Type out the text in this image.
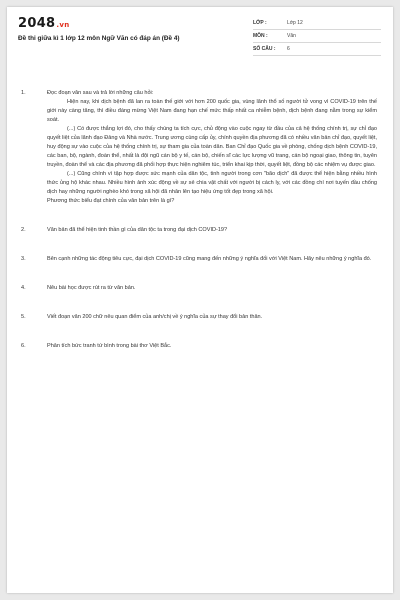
2048.vn
Đề thi giữa kì 1 lớp 12 môn Ngữ Văn có đáp án (Đề 4)
LỚP :	Lớp 12
MÔN :	Văn
SỐ CÂU :	6
1.	Đọc đoạn văn sau và trả lời những câu hỏi:

Hiện nay, khi dịch bệnh đã lan ra toàn thế giới với hơn 200 quốc gia, vùng lãnh thổ số người tử vong vì COVID-19 trên thế giới này càng tăng, thì điều đáng mừng Việt Nam đang hạn chế mức thấp nhất ca nhiễm bệnh, dịch bệnh đang nằm trong sự kiểm soát.

(...) Có được thắng lợi đó, cho thấy chúng ta tích cực, chủ động vào cuộc ngay từ đầu của cả hệ thống chính trị, sự chỉ đạo quyết liệt của lãnh đạo Đảng và Nhà nước. Trung ương cùng cấp ủy, chính quyền địa phương đã có nhiều văn bản chỉ đạo, quyết liệt, huy động sự vào cuộc của hệ thống chính trị, sự tham gia của toàn dân. Ban Chỉ đạo Quốc gia về phòng, chống dịch bệnh COVID-19, các ban, bộ, ngành, đoàn thể, nhất là đội ngũ cán bộ y tế, cán bộ, chiến sĩ các lực lượng vũ trang, cán bộ ngoại giao, thông tin, tuyên truyền, đoàn thể và các địa phương đã phối hợp thực hiện nghiêm túc, triển khai kịp thời, quyết liệt, đồng bộ các nhiệm vụ được giao.

(...) Cũng chính vì tập hợp được sức mạnh của dân tộc, tinh người trong cơn "bão dịch" đã được thể hiện bằng nhiều hình thức ủng hộ khác nhau. Nhiều hình ảnh xúc động về sự sẻ chia vật chất với người bị cách ly, với các đồng chí nơi tuyến đầu chống dịch hay những người nghèo khó trong xã hội đã nhân lên tạo hiệu ứng tốt đẹp trong xã hội.

Phương thức biểu đạt chính của văn bản trên là gì?

2.	Văn bản đã thể hiện tinh thần gì của dân tộc ta trong đại dịch COVID-19?

3.	Bên cạnh những tác động tiêu cực, đại dịch COVID-19 cũng mang đến những ý nghĩa đối với Việt Nam. Hãy nêu những ý nghĩa đó.

4.	Nêu bài học được rút ra từ văn bản.

5.	Viết đoạn văn 200 chữ nêu quan điểm của anh/chị về ý nghĩa của sự thay đổi bản thân.

6.	Phân tích bức tranh tứ bình trong bài thơ Việt Bắc.
